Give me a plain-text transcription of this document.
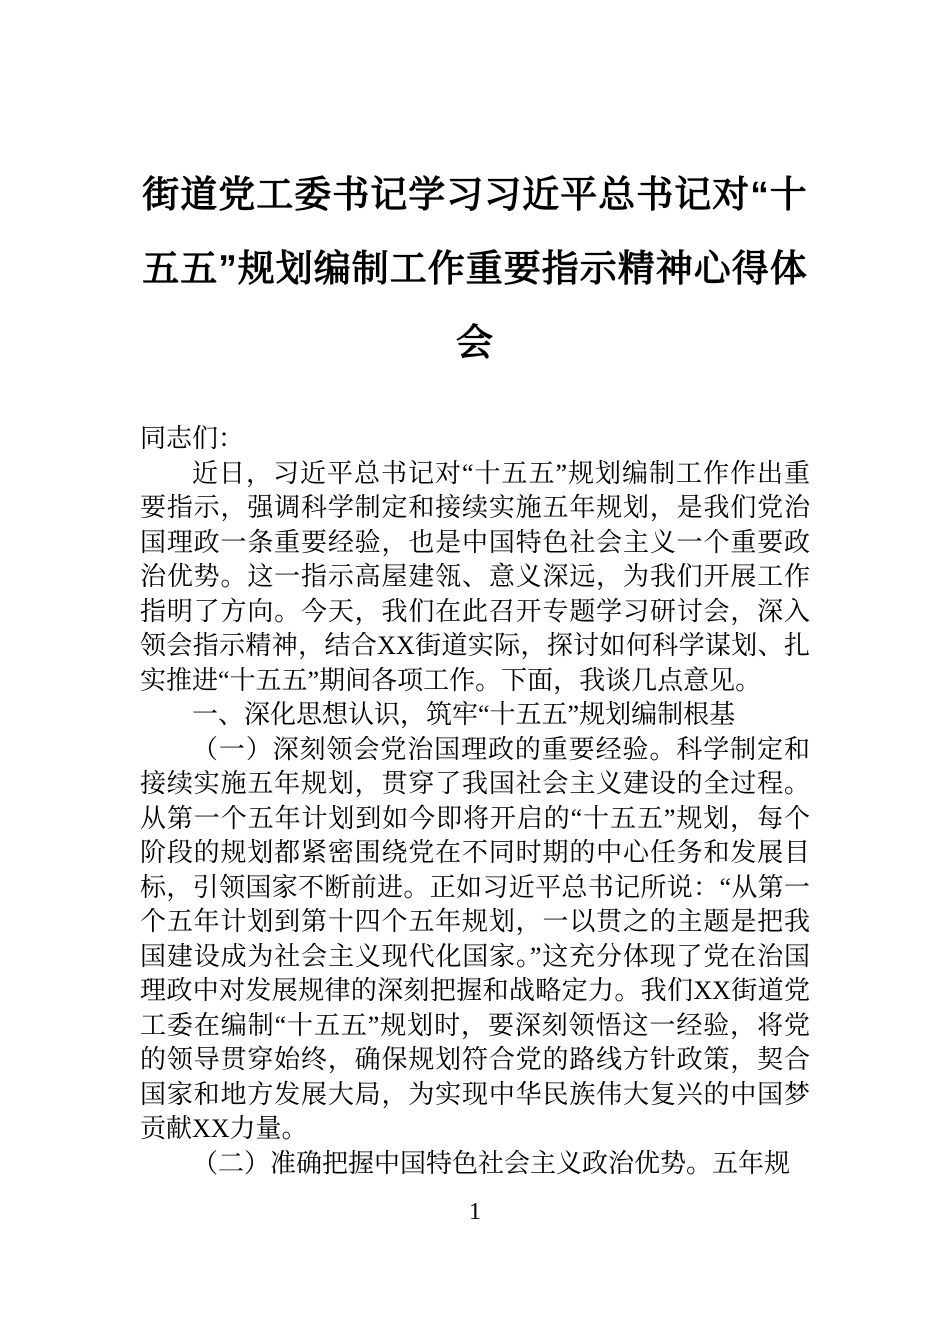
街道党工委书记学习习近平总书记对“十五五”规划编制工作重要指示精神心得体会

同志们：

近日，习近平总书记对“十五五”规划编制工作作出重要指示，强调科学制定和接续实施五年规划，是我们党治国理政一条重要经验，也是中国特色社会主义一个重要政治优势。这一指示高屋建瓴、意义深远，为我们开展工作指明了方向。今天，我们在此召开专题学习研讨会，深入领会指示精神，结合XX街道实际，探讨如何科学谋划、扎实推进“十五五”期间各项工作。下面，我谈几点意见。

一、深化思想认识，筑牢“十五五”规划编制根基

（一）深刻领会党治国理政的重要经验。科学制定和接续实施五年规划，贯穿了我国社会主义建设的全过程。从第一个五年计划到如今即将开启的“十五五”规划，每个阶段的规划都紧密围绕党在不同时期的中心任务和发展目标，引领国家不断前进。正如习近平总书记所说：“从第一个五年计划到第十四个五年规划，一以贯之的主题是把我国建设成为社会主义现代化国家。”这充分体现了党在治国理政中对发展规律的深刻把握和战略定力。我们XX街道党工委在编制“十五五”规划时，要深刻领悟这一经验，将党的领导贯穿始终，确保规划符合党的路线方针政策，契合国家和地方发展大局，为实现中华民族伟大复兴的中国梦贡献XX力量。

（二）准确把握中国特色社会主义政治优势。五年规

1
